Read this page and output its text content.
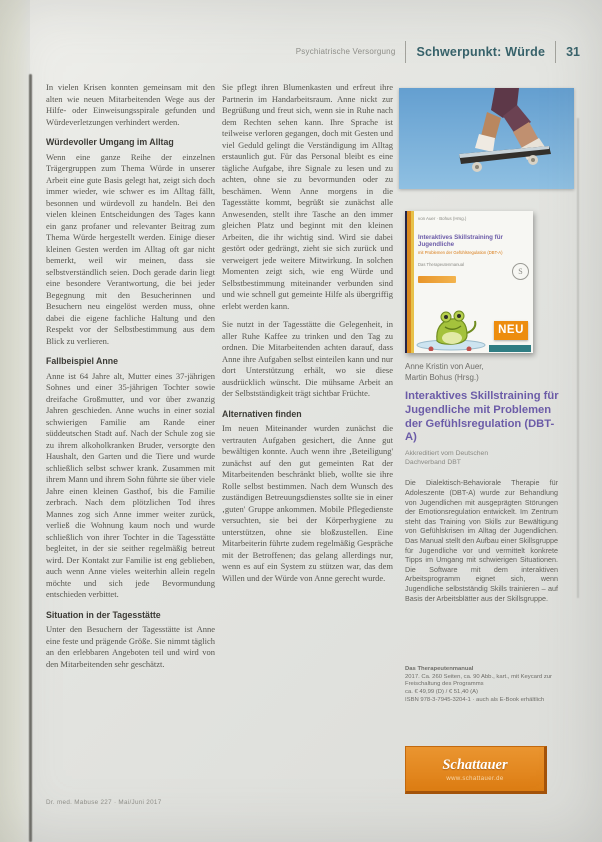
Psychiatrische Versorgung	Schwerpunkt: Würde	31

In vielen Krisen konnten gemeinsam mit den alten wie neuen Mitarbeitenden Wege aus der Hilfe- oder Einweisungsspirale gefunden und Würdeverletzungen verhindert werden.

Würdevoller Umgang im Alltag

Wenn eine ganze Reihe der einzelnen Trägergruppen zum Thema Würde in unserer Arbeit eine gute Basis gelegt hat, zeigt sich doch immer wieder, wie schwer es im Alltag fällt, besonnen und würdevoll zu handeln. Bei den vielen kleinen Entscheidungen des Tages kann ein ganz profaner und relevanter Beitrag zum Thema Würde hergestellt werden. Einige dieser kleinen Gesten werden im Alltag oft gar nicht bemerkt, weil wir meinen, dass sie selbstverständlich seien. Doch gerade darin liegt eine besondere Verantwortung, die bei jeder Begegnung mit den Besucherinnen und Besuchern neu eingelöst werden muss, ohne dabei die eigene fachliche Haltung und den Respekt vor der Selbstbestimmung aus dem Blick zu verlieren.

Fallbeispiel Anne

Anne ist 64 Jahre alt, Mutter eines 37-jährigen Sohnes und einer 35-jährigen Tochter sowie dreifache Großmutter, und vor über zwanzig Jahren geschieden. Anne wuchs in einer sozial schwierigen Familie am Rande einer süddeutschen Stadt auf. Nach der Schule zog sie zu ihrem alkoholkranken Bruder, versorgte den Haushalt, den Garten und die Tiere und wurde schließlich selbst schwer krank. Zusammen mit ihrem Mann und ihrem Sohn führte sie über viele Jahre einen kleinen Gasthof, bis die Familie zerbrach. Nach dem plötzlichen Tod ihres Mannes zog sich Anne immer weiter zurück, verließ die Wohnung kaum noch und wurde schließlich von ihrer Tochter in die Tagesstätte begleitet, in der sie seither regelmäßig betreut wird. Der Kontakt zur Familie ist eng geblieben, auch wenn Anne vieles weiterhin allein regeln möchte und sich jede Bevormundung entschieden verbittet.

Situation in der Tagesstätte

Unter den Besuchern der Tagesstätte ist Anne eine feste und prägende Größe. Sie nimmt täglich an den erlebbaren Angeboten teil und wird von den Mitarbeitenden sehr geschätzt.

Sie pflegt ihren Blumenkasten und erfreut ihre Partnerin im Handarbeitsraum. Anne nickt zur Begrüßung und freut sich, wenn sie in Ruhe nach dem Rechten sehen kann. Ihre Sprache ist teilweise verloren gegangen, doch mit Gesten und viel Geduld gelingt die Verständigung im Alltag erstaunlich gut. Für das Personal bleibt es eine tägliche Aufgabe, ihre Signale zu lesen und zu achten, ohne sie zu bevormunden oder zu beschämen. Wenn Anne morgens in die Tagesstätte kommt, begrüßt sie zunächst alle Anwesenden, stellt ihre Tasche an den immer gleichen Platz und beginnt mit den kleinen Arbeiten, die ihr wichtig sind. Wird sie dabei gestört oder gedrängt, zieht sie sich zurück und verweigert jede weitere Mitwirkung. In solchen Momenten zeigt sich, wie eng Würde und Selbstbestimmung miteinander verbunden sind und wie schnell gut gemeinte Hilfe als übergriffig erlebt werden kann.

Sie nutzt in der Tagesstätte die Gelegenheit, in aller Ruhe Kaffee zu trinken und den Tag zu ordnen. Die Mitarbeitenden achten darauf, dass Anne ihre Aufgaben selbst einteilen kann und nur dort Unterstützung erhält, wo sie diese ausdrücklich wünscht. Die mühsame Arbeit an der Selbstständigkeit trägt sichtbar Früchte.

Alternativen finden

Im neuen Miteinander wurden zunächst die vertrauten Aufgaben gesichert, die Anne gut bewältigen konnte. Auch wenn ihre ‚Beteiligung' zunächst auf den gut gemeinten Rat der Mitarbeitenden beschränkt blieb, wollte sie ihre Rolle selbst bestimmen. Nach dem Wunsch des zuständigen Betreuungsdienstes sollte sie in einer ‚guten' Gruppe ankommen. Mobile Pflegedienste versuchten, sie bei der Körperhygiene zu unterstützen, ohne sie bloßzustellen. Eine Mitarbeiterin führte zudem regelmäßig Gespräche mit der Betroffenen; das gelang allerdings nur, wenn es auf ein System zu stützen war, das dem Willen und der Würde von Anne gerecht wurde.

Dr. med. Mabuse 227 · Mai/Juni 2017
von Auer · Bohus (Hrsg.)
Interaktives Skillstraining für Jugendliche
mit Problemen der Gefühlsregulation (DBT-A)
Das Therapeutenmanual
S
NEU
Anne Kristin von Auer,
Martin Bohus (Hrsg.)
Interaktives Skillstraining für Jugendliche mit Problemen der Gefühlsregulation (DBT-A)
Akkreditiert vom Deutschen Dachverband DBT
Die Dialektisch-Behaviorale Therapie für Adoleszente (DBT-A) wurde zur Behandlung von Jugendlichen mit ausgeprägten Störungen der Emotionsregulation entwickelt. Im Zentrum steht das Training von Skills zur Bewältigung von Gefühlskrisen im Alltag der Jugendlichen. Das Manual stellt den Aufbau einer Skillsgruppe für Jugendliche vor und vermittelt konkrete Tipps im Umgang mit schwierigen Situationen. Die Software mit dem interaktiven Arbeitsprogramm eignet sich, wenn Jugendliche selbstständig Skills trainieren – auf Basis der Arbeitsblätter aus der Skillsgruppe.
Das Therapeutenmanual
2017. Ca. 260 Seiten, ca. 90 Abb., kart., mit Keycard zur Freischaltung des Programms
ca. € 49,99 (D) / € 51,40 (A)
ISBN 978-3-7945-3204-1 · auch als E-Book erhältlich
Schattauer
www.schattauer.de
